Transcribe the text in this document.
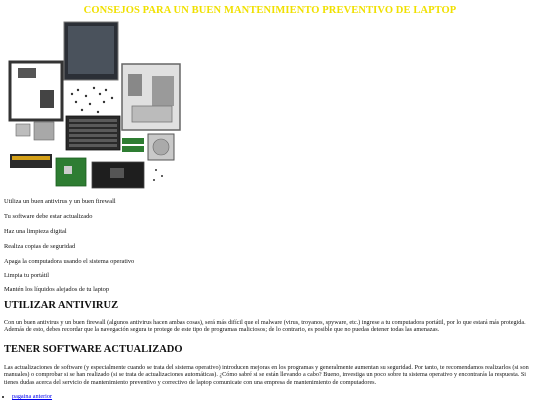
CONSEJOS PARA UN BUEN MANTENIMIENTO PREVENTIVO DE LAPTOP
Utiliza un buen antivirus y un buen firewall
Tu software debe estar actualizado
Haz una limpieza digital
Realiza copias de seguridad
Apaga la computadora usando el sistema operativo
Limpia tu portátil
Mantén los líquidos alejados de tu laptop
UTILIZAR ANTIVIRUZ

Con un buen antivirus y un buen firewall (algunos antivirus hacen ambas cosas), será más difícil que el malware (virus, troyanos, spyware, etc.) ingrese a tu computadora portátil, por lo que estará más protegida. Además de esto, debes recordar que la navegación segura te protege de este tipo de programas maliciosos; de lo contrario, es posible que no puedas detener todas las amenazas.

TENER SOFTWARE ACTUALIZADO

Las actualizaciones de software (y especialmente cuando se trata del sistema operativo) introducen mejoras en los programas y generalmente aumentan su seguridad. Por tanto, te recomendamos realizarlos (si son manuales) o comprobar si se han realizado (si se trata de actualizaciones automáticas). ¿Cómo sabré si se están llevando a cabo? Bueno, investiga un poco sobre tu sistema operativo y encontrarás la respuesta. Si tienes dudas acerca del servicio de mantenimiento preventivo y correctivo de laptop comunicate con una empresa de mantenimiento de computadores.

• pagaina anterior
